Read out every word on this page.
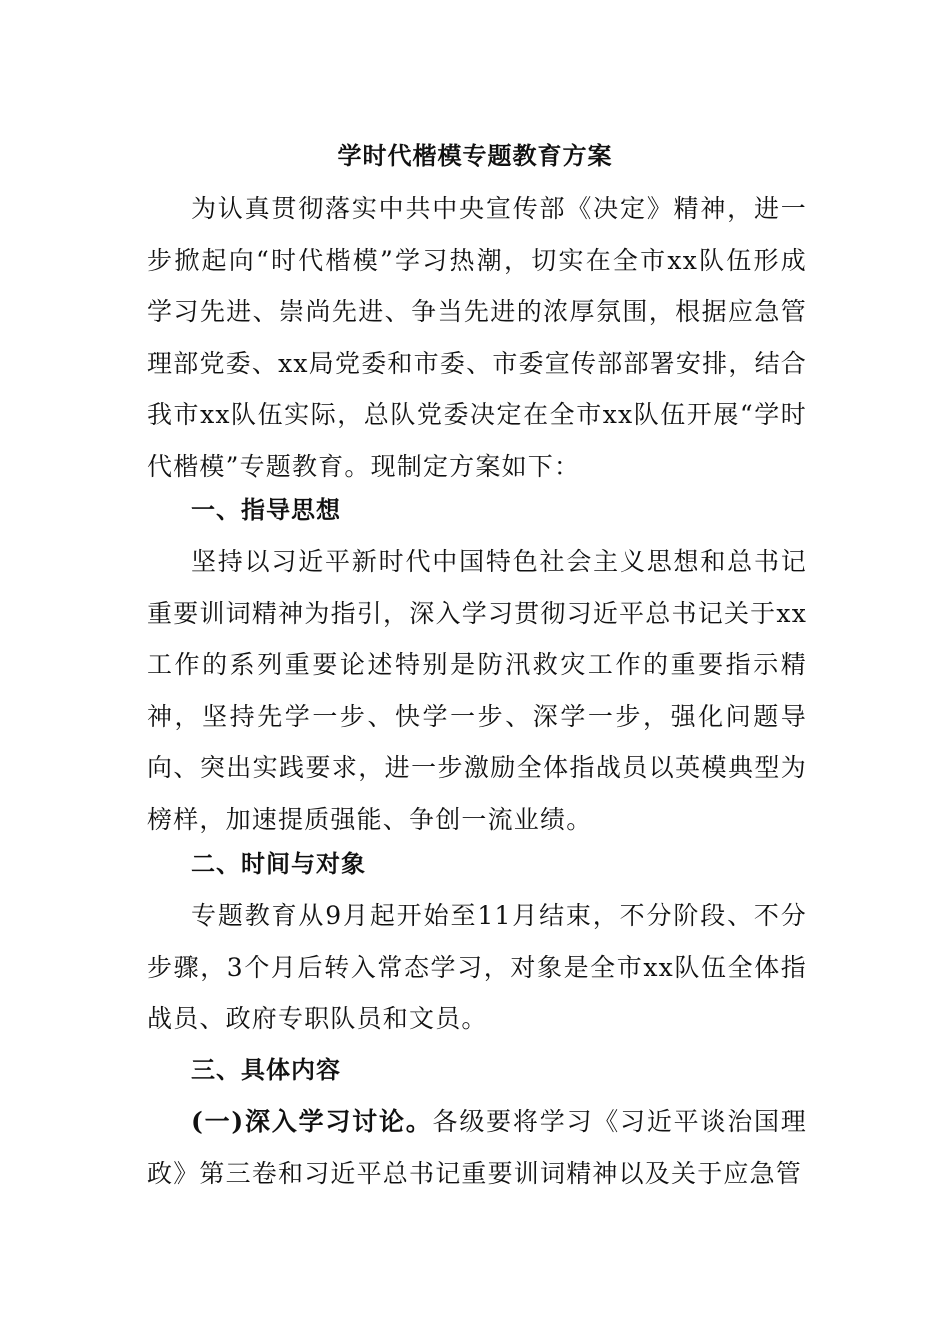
学时代楷模专题教育方案
为认真贯彻落实中共中央宣传部《决定》精神，进一步掀起向“时代楷模”学习热潮，切实在全市xx队伍形成学习先进、崇尚先进、争当先进的浓厚氛围，根据应急管理部党委、xx局党委和市委、市委宣传部部署安排，结合我市xx队伍实际，总队党委决定在全市xx队伍开展“学时代楷模”专题教育。现制定方案如下：
一、指导思想
坚持以习近平新时代中国特色社会主义思想和总书记重要训词精神为指引，深入学习贯彻习近平总书记关于xx工作的系列重要论述特别是防汛救灾工作的重要指示精神，坚持先学一步、快学一步、深学一步，强化问题导向、突出实践要求，进一步激励全体指战员以英模典型为榜样，加速提质强能、争创一流业绩。
二、时间与对象
专题教育从9月起开始至11月结束，不分阶段、不分步骤，3个月后转入常态学习，对象是全市xx队伍全体指战员、政府专职队员和文员。
三、具体内容
(一)深入学习讨论。各级要将学习《习近平谈治国理政》第三卷和习近平总书记重要训词精神以及关于应急管
